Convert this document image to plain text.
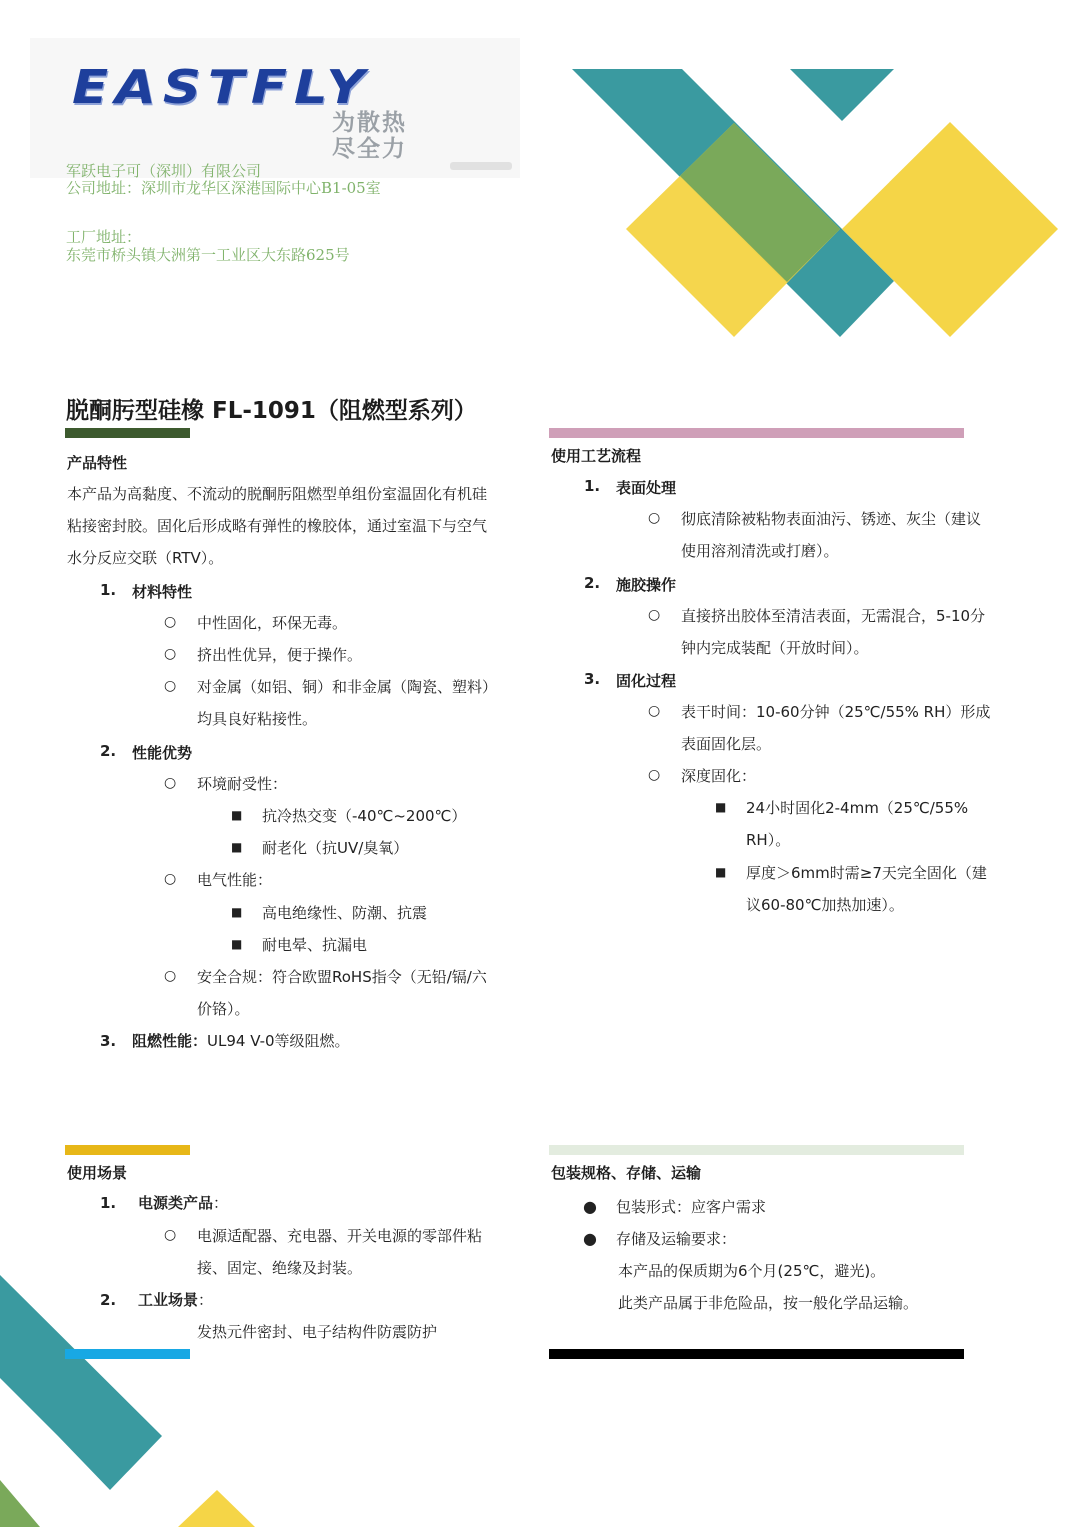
EASTFLY
为散热
尽全力
军跃电子可（深圳）有限公司
公司地址：深圳市龙华区深港国际中心B1-05室
工厂地址：
东莞市桥头镇大洲第一工业区大东路625号
脱酮肟型硅橡 FL-1091（阻燃型系列）
产品特性
本产品为高黏度、不流动的脱酮肟阻燃型单组份室温固化有机硅
粘接密封胶。固化后形成略有弹性的橡胶体，通过室温下与空气
水分反应交联（RTV）。
1. 材料特性
○ 中性固化，环保无毒。
○ 挤出性优异，便于操作。
○ 对金属（如铝、铜）和非金属（陶瓷、塑料）
均具良好粘接性。
2. 性能优势
○ 环境耐受性：
■ 抗冷热交变（-40℃~200℃）
■ 耐老化（抗UV/臭氧）
○ 电气性能：
■ 高电绝缘性、防潮、抗震
■ 耐电晕、抗漏电
○ 安全合规：符合欧盟RoHS指令（无铅/镉/六
价铬）。
3. 阻燃性能：UL94 V-0等级阻燃。
使用工艺流程
1. 表面处理
○ 彻底清除被粘物表面油污、锈迹、灰尘（建议
使用溶剂清洗或打磨）。
2. 施胶操作
○ 直接挤出胶体至清洁表面，无需混合，5-10分
钟内完成装配（开放时间）。
3. 固化过程
○ 表干时间：10-60分钟（25℃/55% RH）形成
表面固化层。
○ 深度固化：
■ 24小时固化2-4mm（25℃/55%
RH）。
■ 厚度＞6mm时需≥7天完全固化（建
议60-80℃加热加速）。
使用场景
1. 电源类产品：
○ 电源适配器、充电器、开关电源的零部件粘
接、固定、绝缘及封装。
2. 工业场景：
发热元件密封、电子结构件防震防护
包装规格、存储、运输
● 包装形式：应客户需求
● 存储及运输要求：
本产品的保质期为6个月(25℃，避光)。
此类产品属于非危险品，按一般化学品运输。
